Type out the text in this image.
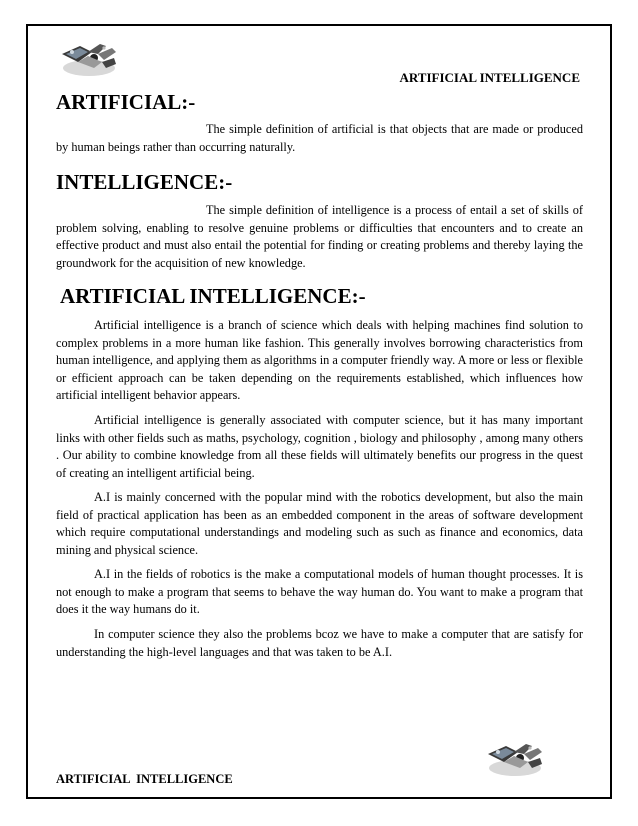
ARTIFICIAL INTELLIGENCE
ARTIFICIAL:-

The simple definition of artificial is that objects that are made or produced by human beings rather than occurring naturally.

INTELLIGENCE:-

The simple definition of intelligence is a process of entail a set of skills of problem solving, enabling to resolve genuine problems or difficulties that encounters and to create an effective product and must also entail the potential for finding or creating problems and thereby laying the groundwork for the acquisition of new knowledge.

ARTIFICIAL INTELLIGENCE:-

Artificial intelligence is a branch of science which deals with helping machines find solution to complex problems in a more human like fashion. This generally involves borrowing characteristics from human intelligence, and applying them as algorithms in a computer friendly way. A more or less or flexible or efficient approach can be taken depending on the requirements established, which influences how artificial intelligent behavior appears.

Artificial intelligence is generally associated with computer science, but it has many important links with other fields such as maths, psychology, cognition , biology and philosophy , among many others . Our ability to combine knowledge from all these fields will ultimately benefits our progress in the quest of creating an intelligent artificial being.

A.I is mainly concerned with the popular mind with the robotics development, but also the main field of practical application has been as an embedded component in the areas of software development which require computational understandings and modeling such as such as finance and economics, data mining and physical science.

A.I in the fields of robotics is the make a computational models of human thought processes. It is not enough to make a program that seems to behave the way human do. You want to make a program that does it the way humans do it.

In computer science they also the problems bcoz we have to make a computer that are satisfy for understanding the high-level languages and that was taken to be A.I.

ARTIFICIAL  INTELLIGENCE
